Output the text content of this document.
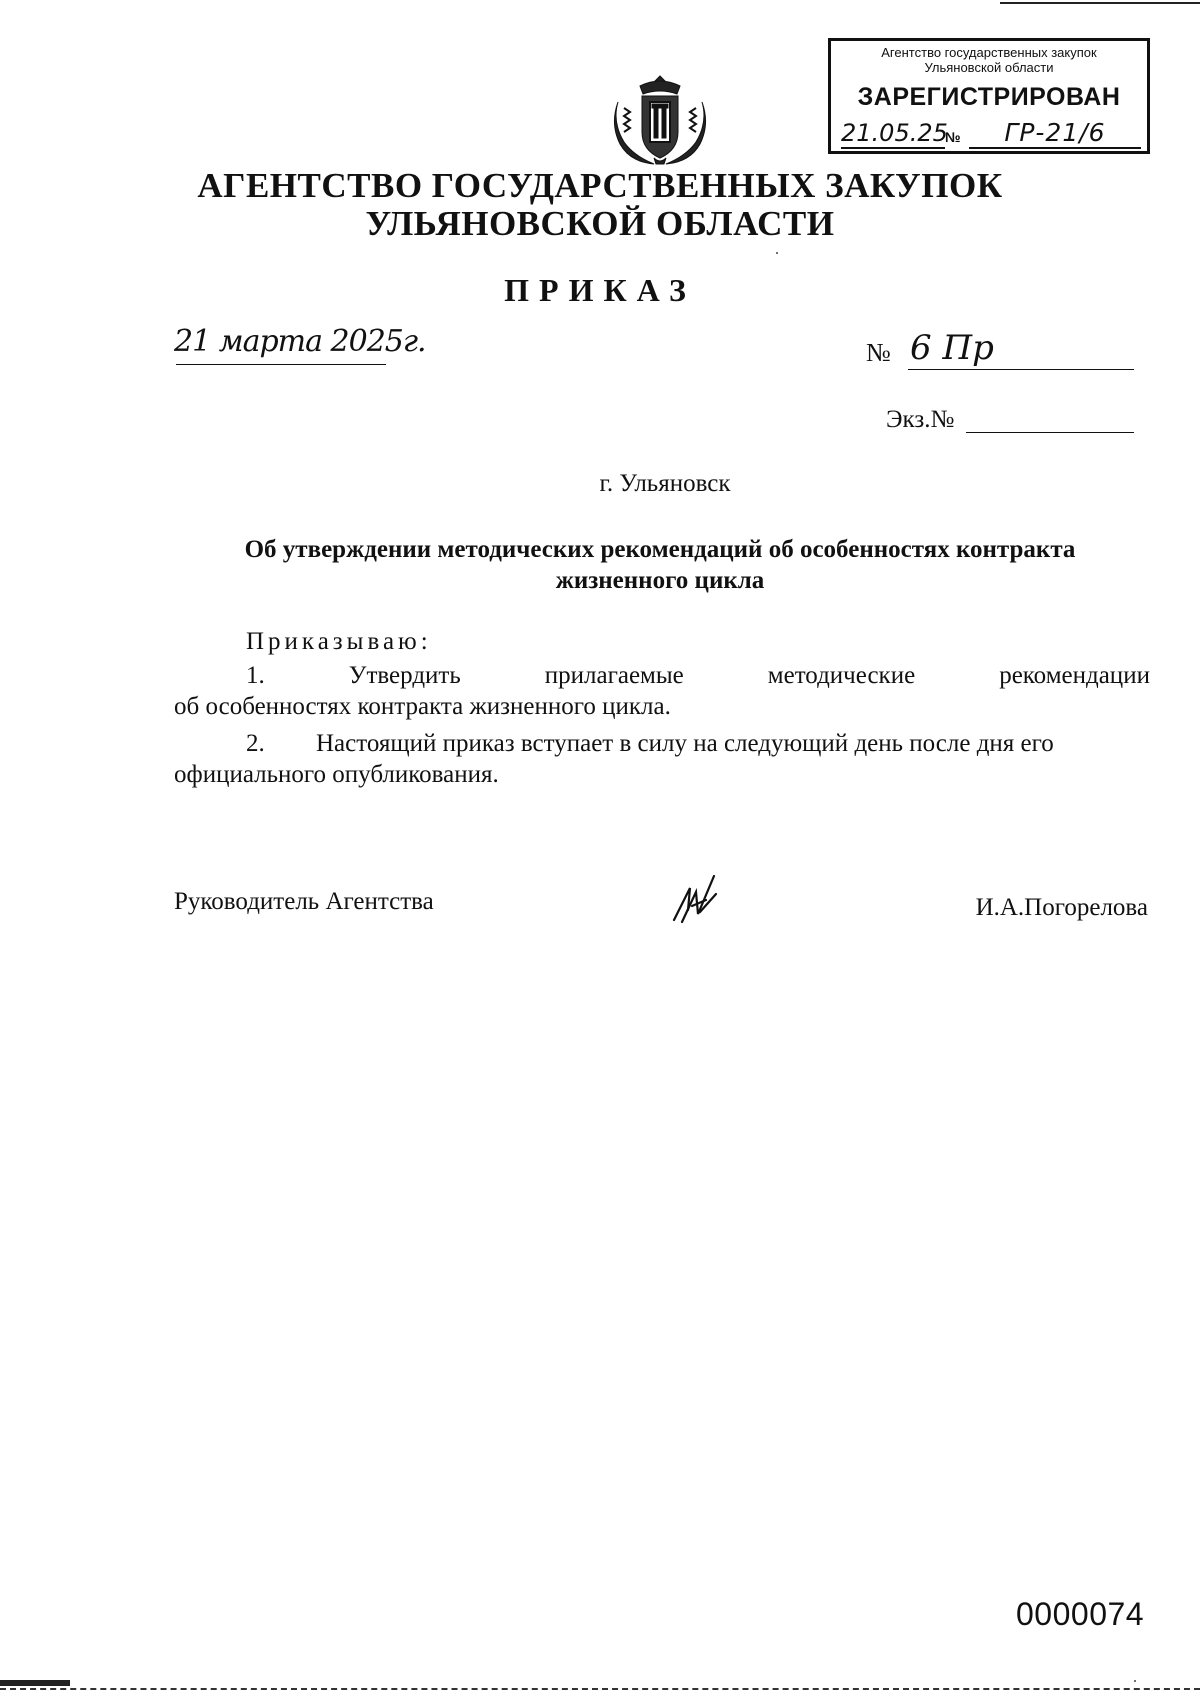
Агентство государственных закупок
Ульяновской области
ЗАРЕГИСТРИРОВАН
21.05.25
№	ГР-21/6
АГЕНТСТВО ГОСУДАРСТВЕННЫХ ЗАКУПОК
УЛЬЯНОВСКОЙ ОБЛАСТИ
ПРИКАЗ
21 марта 2025г.	№ 6 Пр
Экз.№
г. Ульяновск
Об утверждении методических рекомендаций об особенностях контракта
жизненного цикла
Приказываю:
1.	Утвердить	прилагаемые	методические	рекомендации
об особенностях контракта жизненного цикла.
2.	Настоящий приказ вступает в силу на следующий день после дня его
официального опубликования.
Руководитель Агентства	И.А.Погорелова
0000074
